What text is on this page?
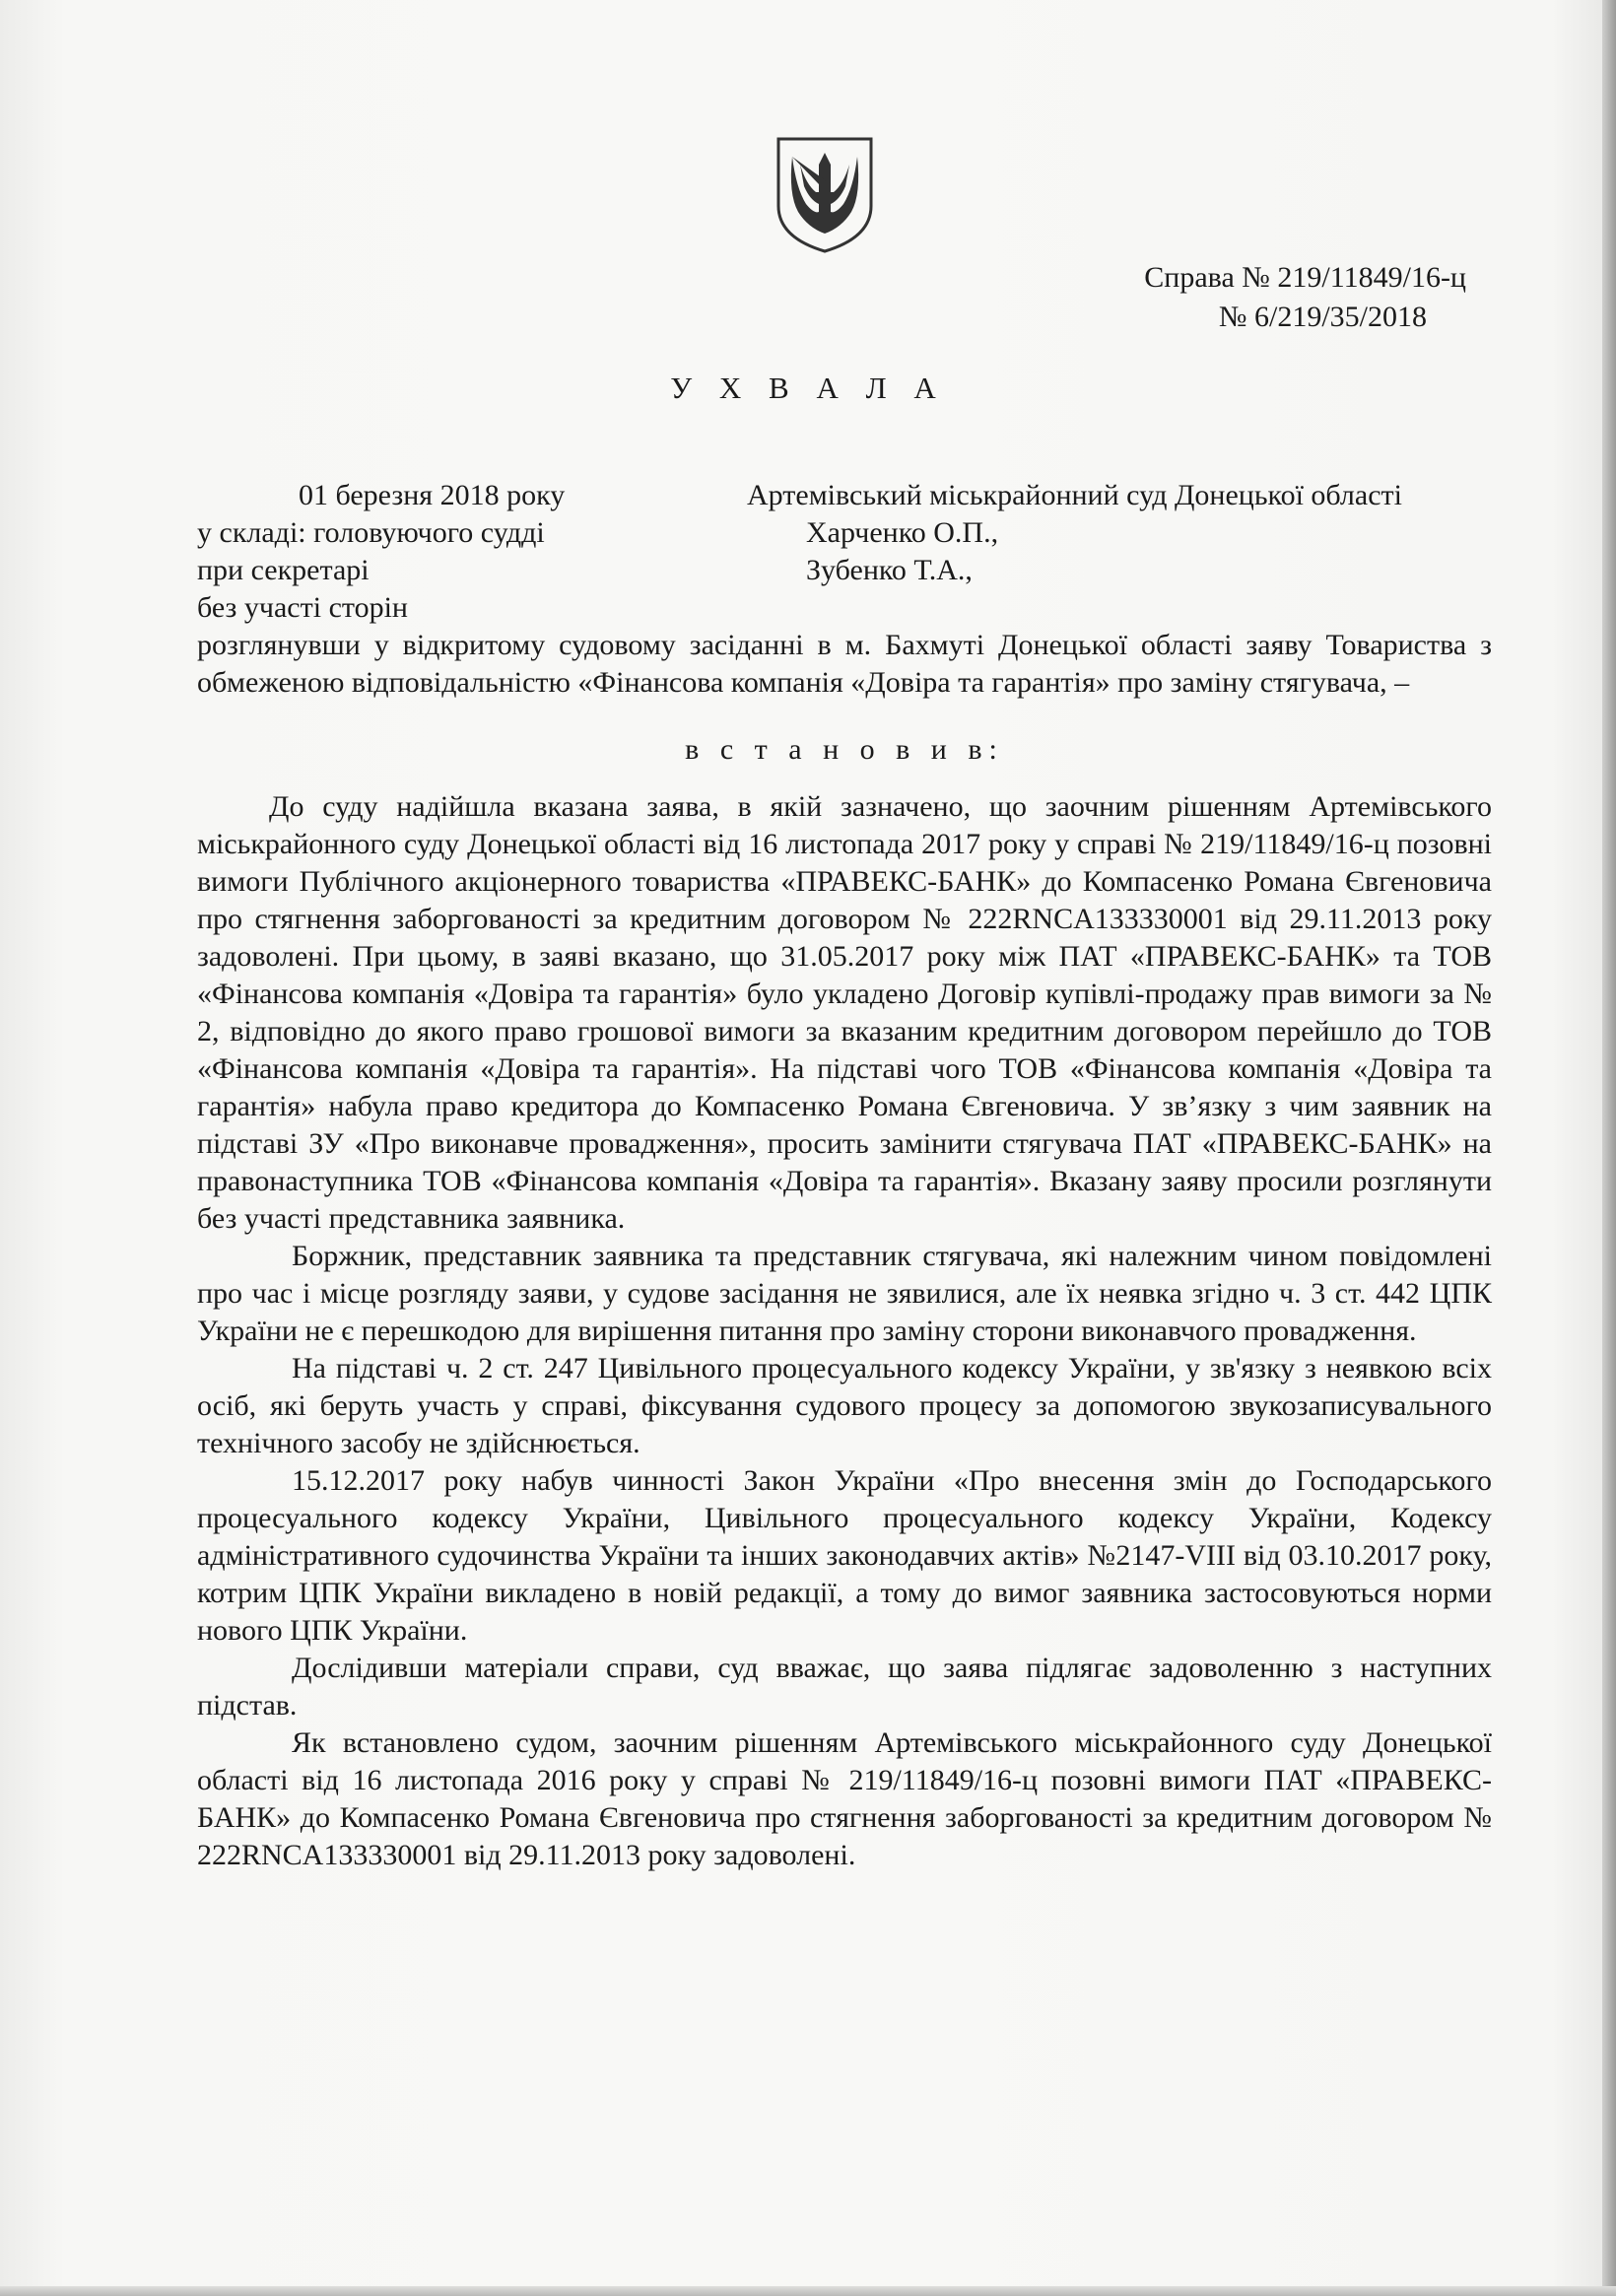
Справа № 219/11849/16-ц
№ 6/219/35/2018
У Х В А Л А
01 березня 2018 року	Артемівський міськрайонний суд Донецької області
у складі: головуючого судді	Харченко О.П.,
при секретарі	Зубенко Т.А.,
без участі сторін

розглянувши у відкритому судовому засіданні в м. Бахмуті Донецької області заяву Товариства з обмеженою відповідальністю «Фінансова компанія «Довіра та гарантія» про заміну стягувача, –

в с т а н о в и в:

До суду надійшла вказана заява, в якій зазначено, що заочним рішенням Артемівського міськрайонного суду Донецької області від 16 листопада 2017 року у справі № 219/11849/16-ц позовні вимоги Публічного акціонерного товариства «ПРАВЕКС-БАНК» до Компасенко Романа Євгеновича про стягнення заборгованості за кредитним договором № 222RNCA133330001 від 29.11.2013 року задоволені. При цьому, в заяві вказано, що 31.05.2017 року між ПАТ «ПРАВЕКС-БАНК» та ТОВ «Фінансова компанія «Довіра та гарантія» було укладено Договір купівлі-продажу прав вимоги за № 2, відповідно до якого право грошової вимоги за вказаним кредитним договором перейшло до ТОВ «Фінансова компанія «Довіра та гарантія». На підставі чого ТОВ «Фінансова компанія «Довіра та гарантія» набула право кредитора до Компасенко Романа Євгеновича. У зв’язку з чим заявник на підставі ЗУ «Про виконавче провадження», просить замінити стягувача ПАТ «ПРАВЕКС-БАНК» на правонаступника ТОВ «Фінансова компанія «Довіра та гарантія». Вказану заяву просили розглянути без участі представника заявника.

Боржник, представник заявника та представник стягувача, які належним чином повідомлені про час і місце розгляду заяви, у судове засідання не зявилися, але їх неявка згідно ч. 3 ст. 442 ЦПК України не є перешкодою для вирішення питання про заміну сторони виконавчого провадження.

На підставі ч. 2 ст. 247 Цивільного процесуального кодексу України, у зв'язку з неявкою всіх осіб, які беруть участь у справі, фіксування судового процесу за допомогою звукозаписувального технічного засобу не здійснюється.

15.12.2017 року набув чинності Закон України «Про внесення змін до Господарського процесуального кодексу України, Цивільного процесуального кодексу України, Кодексу адміністративного судочинства України та інших законодавчих актів» №2147-VIII від 03.10.2017 року, котрим ЦПК України викладено в новій редакції, а тому до вимог заявника застосовуються норми нового ЦПК України.

Дослідивши матеріали справи, суд вважає, що заява підлягає задоволенню з наступних підстав.

Як встановлено судом, заочним рішенням Артемівського міськрайонного суду Донецької області від 16 листопада 2016 року у справі № 219/11849/16-ц позовні вимоги ПАТ «ПРАВЕКС-БАНК» до Компасенко Романа Євгеновича про стягнення заборгованості за кредитним договором № 222RNCA133330001 від 29.11.2013 року задоволені.
